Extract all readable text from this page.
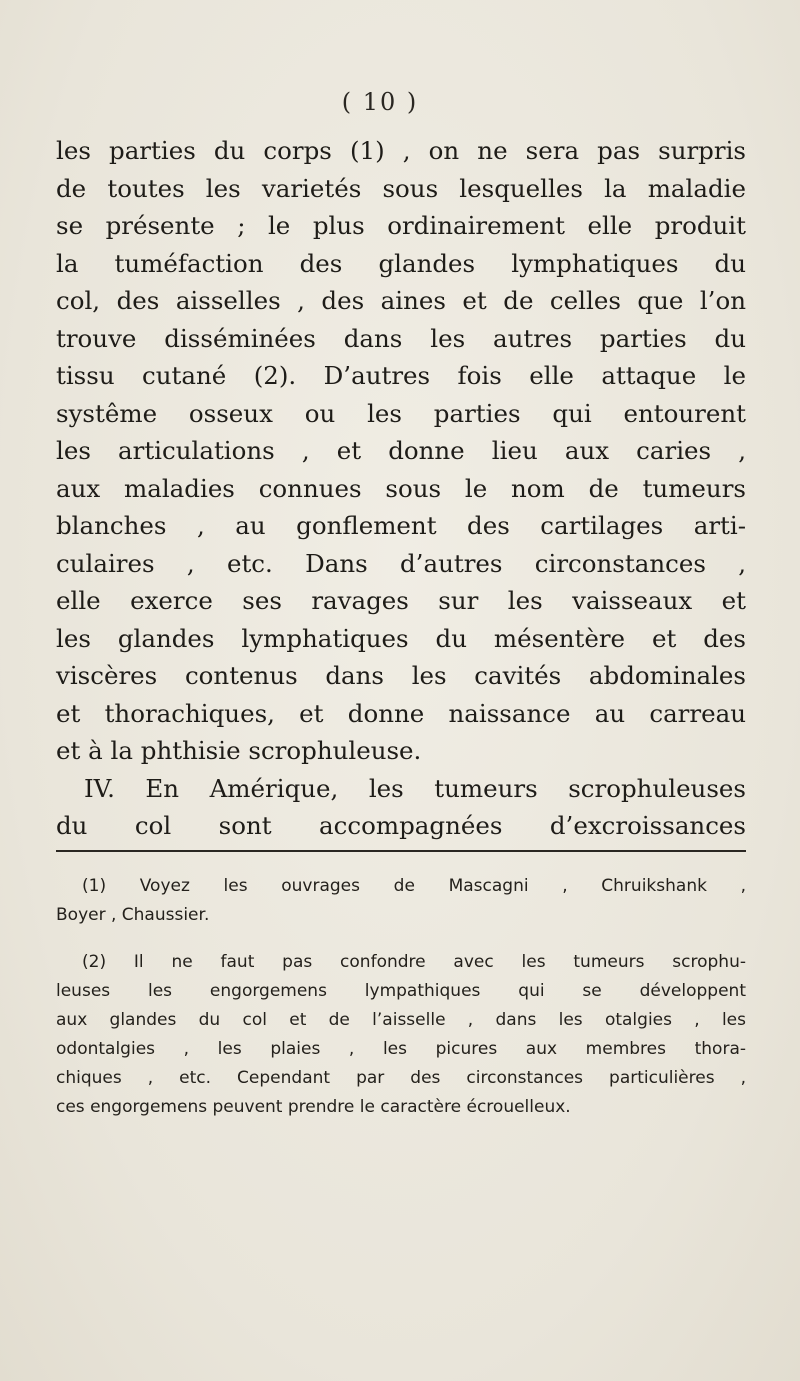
( 10 )
les parties du corps (1) , on ne sera pas surpris
de toutes les varietés sous lesquelles la maladie
se présente ; le plus ordinairement elle produit
la tuméfaction des glandes lymphatiques du
col, des aisselles , des aines et de celles que l’on
trouve disséminées dans les autres parties du
tissu cutané (2). D’autres fois elle attaque le
systême osseux ou les parties qui entourent
les articulations , et donne lieu aux caries ,
aux maladies connues sous le nom de tumeurs
blanches , au gonflement des cartilages arti-
culaires , etc. Dans d’autres circonstances ,
elle exerce ses ravages sur les vaisseaux et
les glandes lymphatiques du mésentère et des
viscères contenus dans les cavités abdominales
et thorachiques, et donne naissance au carreau
et à la phthisie scrophuleuse.
IV. En Amérique, les tumeurs scrophuleuses
du col sont accompagnées d’excroissances
(1) Voyez les ouvrages de Mascagni , Chruikshank ,
Boyer , Chaussier.
(2) Il ne faut pas confondre avec les tumeurs scrophu-
leuses les engorgemens lympathiques qui se développent
aux glandes du col et de l’aisselle , dans les otalgies , les
odontalgies , les plaies , les picures aux membres thora-
chiques , etc. Cependant par des circonstances particulières ,
ces engorgemens peuvent prendre le caractère écrouelleux.
